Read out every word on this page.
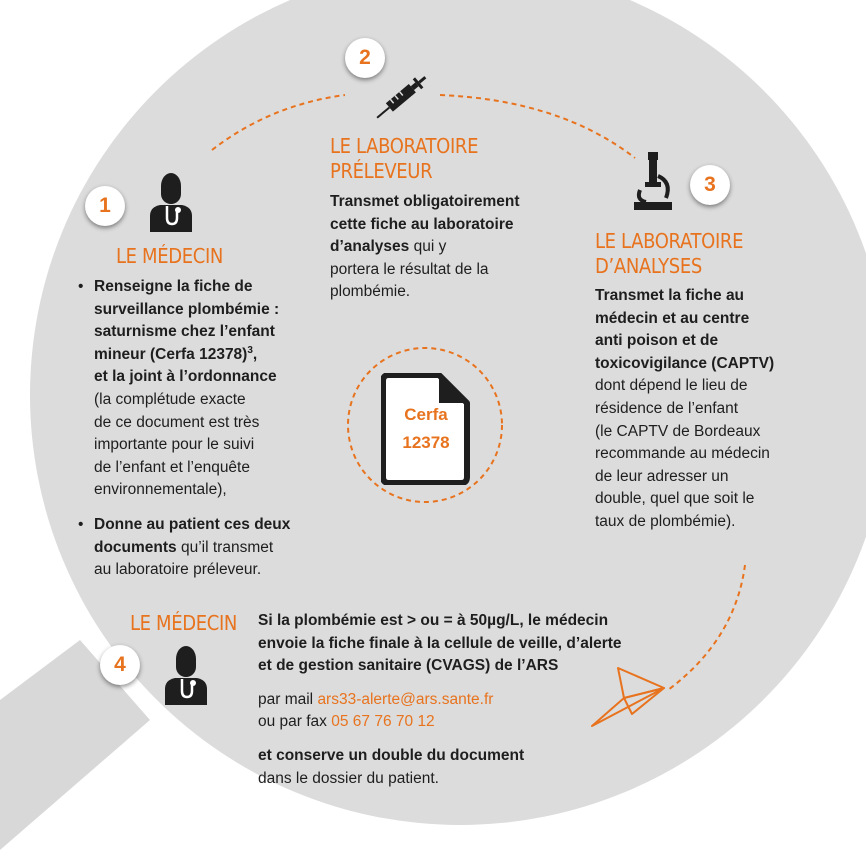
1
2
3
4
Cerfa
12378
LE MÉDECIN
• Renseigne la fiche de
surveillance plombémie :
saturnisme chez l’enfant
mineur (Cerfa 12378)$^3$,
et la joint à l’ordonnance
(la complétude exacte
de ce document est très
importante pour le suivi
de l’enfant et l’enquête
environnementale),
• Donne au patient ces deux
documents qu’il transmet
au laboratoire préleveur.
LE LABORATOIRE
PRÉLEVEUR
Transmet obligatoirement
cette fiche au laboratoire
d’analyses qui y
portera le résultat de la
plombémie.
LE LABORATOIRE
D’ANALYSES
Transmet la fiche au
médecin et au centre
anti poison et de
toxicovigilance (CAPTV)
dont dépend le lieu de
résidence de l’enfant
(le CAPTV de Bordeaux
recommande au médecin
de leur adresser un
double, quel que soit le
taux de plombémie).
LE MÉDECIN Si la plombémie est > ou = à 50µg/L, le médecin
envoie la fiche finale à la cellule de veille, d’alerte
et de gestion sanitaire (CVAGS) de l’ARS
par mail ars33-alerte@ars.sante.fr
ou par fax 05 67 76 70 12
et conserve un double du document
dans le dossier du patient.
